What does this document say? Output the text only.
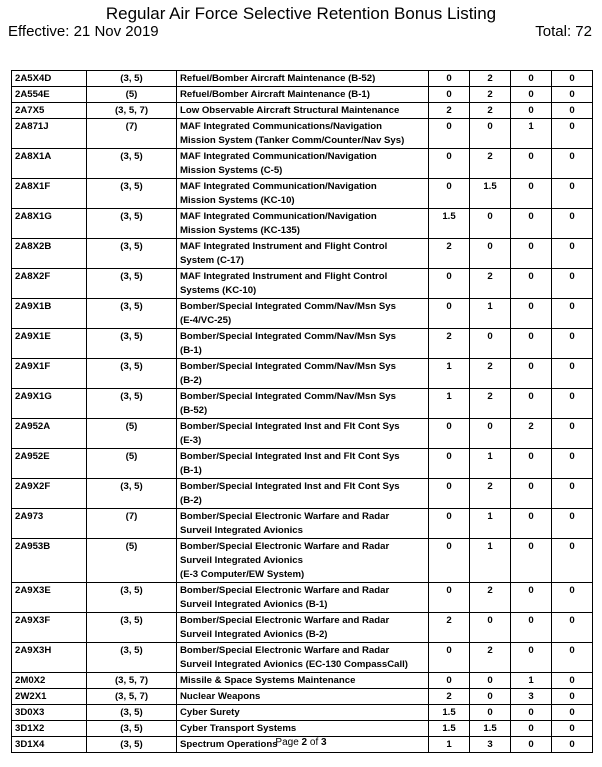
Regular Air Force Selective Retention Bonus Listing
Effective: 21 Nov 2019	Total: 72
2A5X4D	(3, 5)	Refuel/Bomber Aircraft Maintenance (B-52)	0	2	0	0
2A554E	(5)	Refuel/Bomber Aircraft Maintenance (B-1)	0	2	0	0
2A7X5	(3, 5, 7)	Low Observable Aircraft Structural Maintenance	2	2	0	0
2A871J	(7)	MAF Integrated Communications/Navigation
Mission System (Tanker Comm/Counter/Nav Sys)	0	0	1	0
2A8X1A	(3, 5)	MAF Integrated Communication/Navigation
Mission Systems (C-5)	0	2	0	0
2A8X1F	(3, 5)	MAF Integrated Communication/Navigation
Mission Systems (KC-10)	0	1.5	0	0
2A8X1G	(3, 5)	MAF Integrated Communication/Navigation
Mission Systems (KC-135)	1.5	0	0	0
2A8X2B	(3, 5)	MAF Integrated Instrument and Flight Control
System (C-17)	2	0	0	0
2A8X2F	(3, 5)	MAF Integrated Instrument and Flight Control
Systems (KC-10)	0	2	0	0
2A9X1B	(3, 5)	Bomber/Special Integrated Comm/Nav/Msn Sys
(E-4/VC-25)	0	1	0	0
2A9X1E	(3, 5)	Bomber/Special Integrated Comm/Nav/Msn Sys
(B-1)	2	0	0	0
2A9X1F	(3, 5)	Bomber/Special Integrated Comm/Nav/Msn Sys
(B-2)	1	2	0	0
2A9X1G	(3, 5)	Bomber/Special Integrated Comm/Nav/Msn Sys
(B-52)	1	2	0	0
2A952A	(5)	Bomber/Special Integrated Inst and Flt Cont Sys
(E-3)	0	0	2	0
2A952E	(5)	Bomber/Special Integrated Inst and Flt Cont Sys
(B-1)	0	1	0	0
2A9X2F	(3, 5)	Bomber/Special Integrated Inst and Flt Cont Sys
(B-2)	0	2	0	0
2A973	(7)	Bomber/Special Electronic Warfare and Radar
Surveil Integrated Avionics	0	1	0	0
2A953B	(5)	Bomber/Special Electronic Warfare and Radar
Surveil Integrated Avionics
(E-3 Computer/EW System)	0	1	0	0
2A9X3E	(3, 5)	Bomber/Special Electronic Warfare and Radar
Surveil Integrated Avionics (B-1)	0	2	0	0
2A9X3F	(3, 5)	Bomber/Special Electronic Warfare and Radar
Surveil Integrated Avionics (B-2)	2	0	0	0
2A9X3H	(3, 5)	Bomber/Special Electronic Warfare and Radar
Surveil Integrated Avionics (EC-130 CompassCall)	0	2	0	0
2M0X2	(3, 5, 7)	Missile & Space Systems Maintenance	0	0	1	0
2W2X1	(3, 5, 7)	Nuclear Weapons	2	0	3	0
3D0X3	(3, 5)	Cyber Surety	1.5	0	0	0
3D1X2	(3, 5)	Cyber Transport Systems	1.5	1.5	0	0
3D1X4	(3, 5)	Spectrum Operations	1	3	0	0
Page 2 of 3
